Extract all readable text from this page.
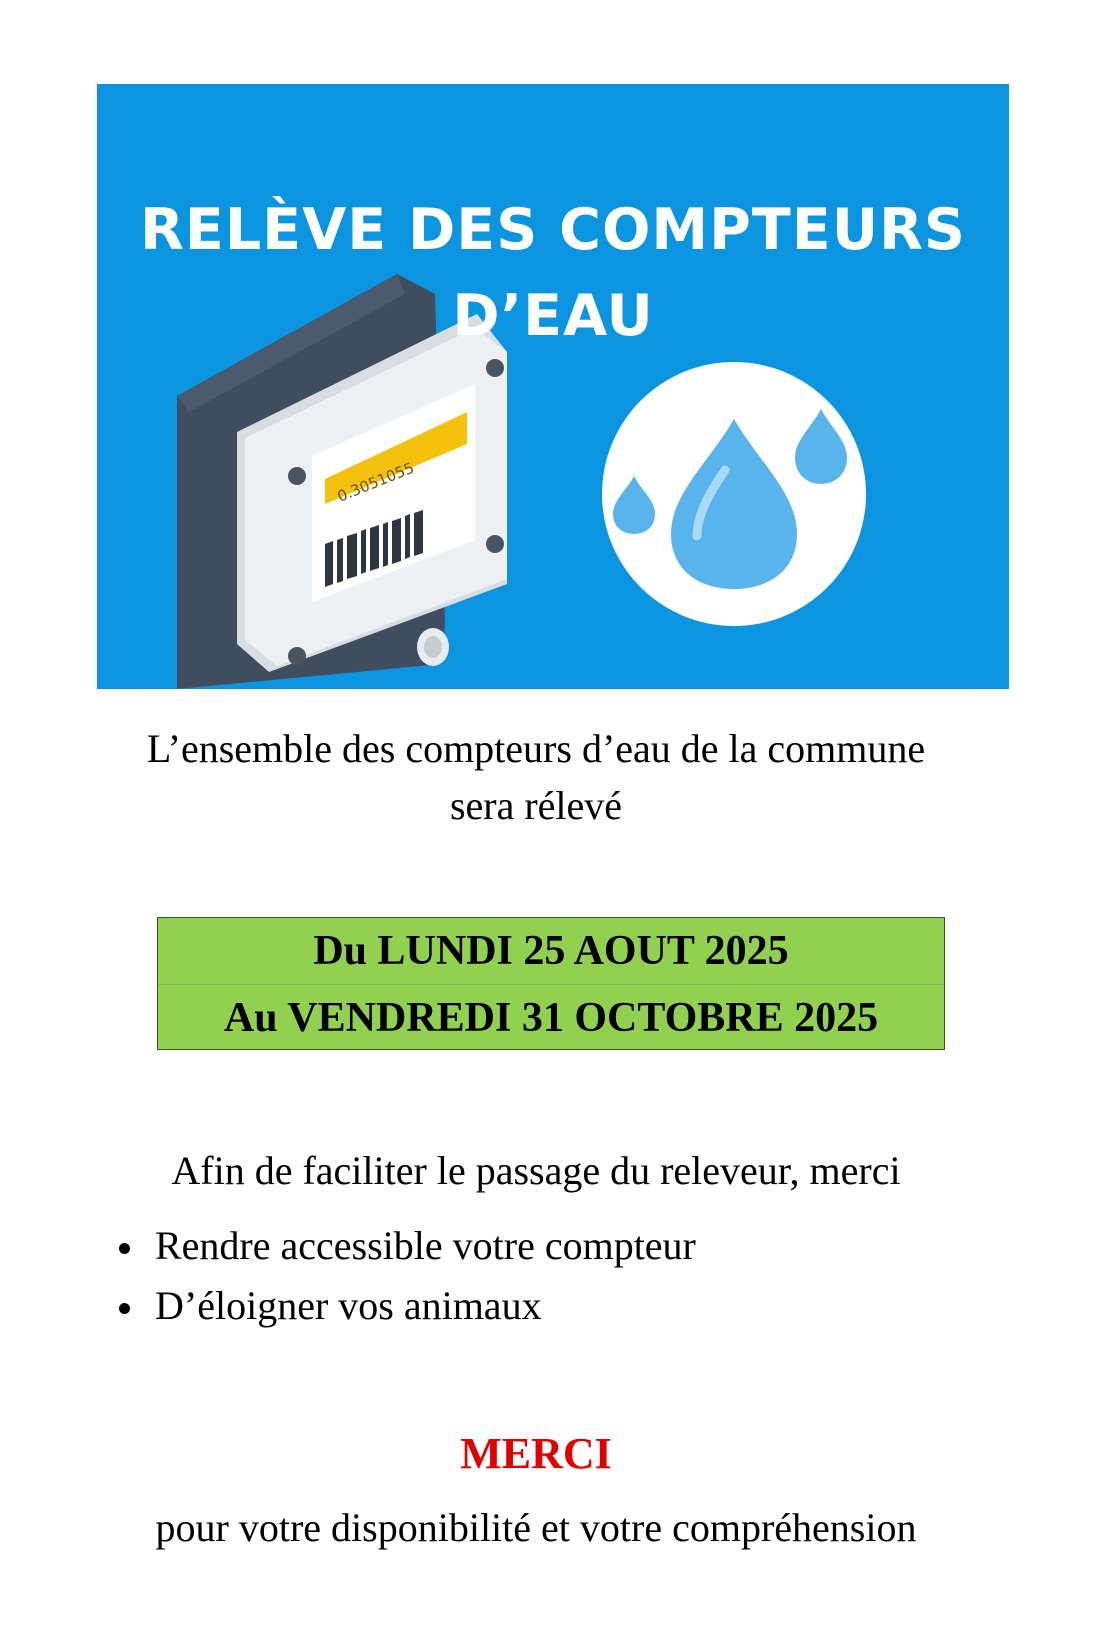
0.3051055
RELÈVE DES COMPTEURS
D’EAU
L’ensemble des compteurs d’eau de la commune
sera rélevé
Du LUNDI 25 AOUT 2025
Au VENDREDI 31 OCTOBRE 2025
Afin de faciliter le passage du releveur, merci
Rendre accessible votre compteur
D’éloigner vos animaux
MERCI
pour votre disponibilité et votre compréhension
